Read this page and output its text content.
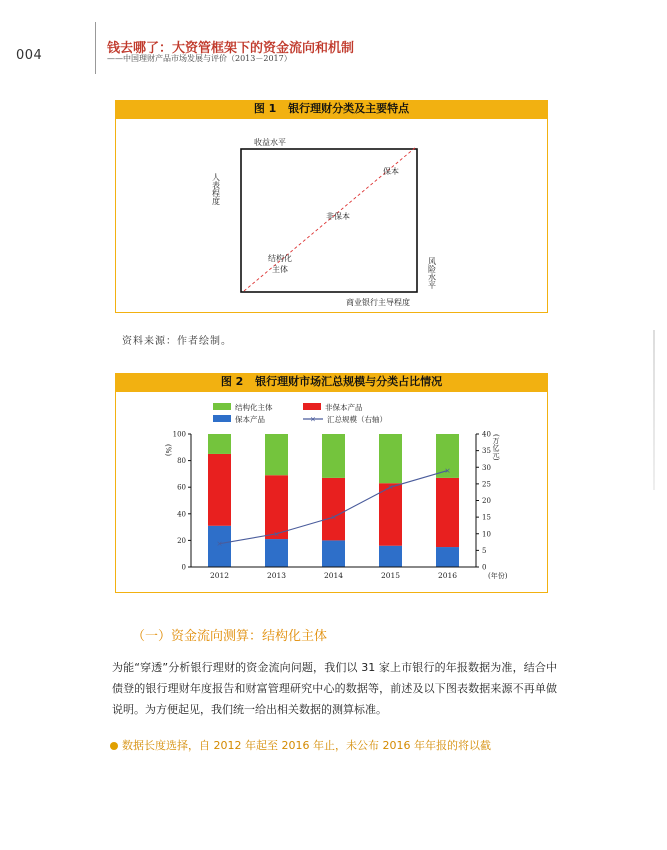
004	钱去哪了：大资管框架下的资金流向和机制
——中国理财产品市场发展与评价（2013－2017）
图 1 银行理财分类及主要特点
收益水平
人表程度
风险水平
商业银行主导程度
保本
非保本
结构化
主体
资料来源：作者绘制。
图 2 银行理财市场汇总规模与分类占比情况
结构化主体	非保本产品
保本产品	× 汇总规模（右轴）
2012	2013	2014	2015	2016
0
20
40
60
80
100
0
5
10
15
20
25
30
35
40
(%)	(万亿元)
(年份)
×
×
×
×
×
（一）资金流向测算：结构化主体
为能“穿透”分析银行理财的资金流向问题，我们以 31 家上市银行的年报数据为准，结合中债登的银行理财年度报告和财富管理研究中心的数据等，前述及以下图表数据来源不再单做说明。为方便起见，我们统一给出相关数据的测算标准。
数据长度选择，自 2012 年起至 2016 年止，未公布 2016 年年报的将以截
